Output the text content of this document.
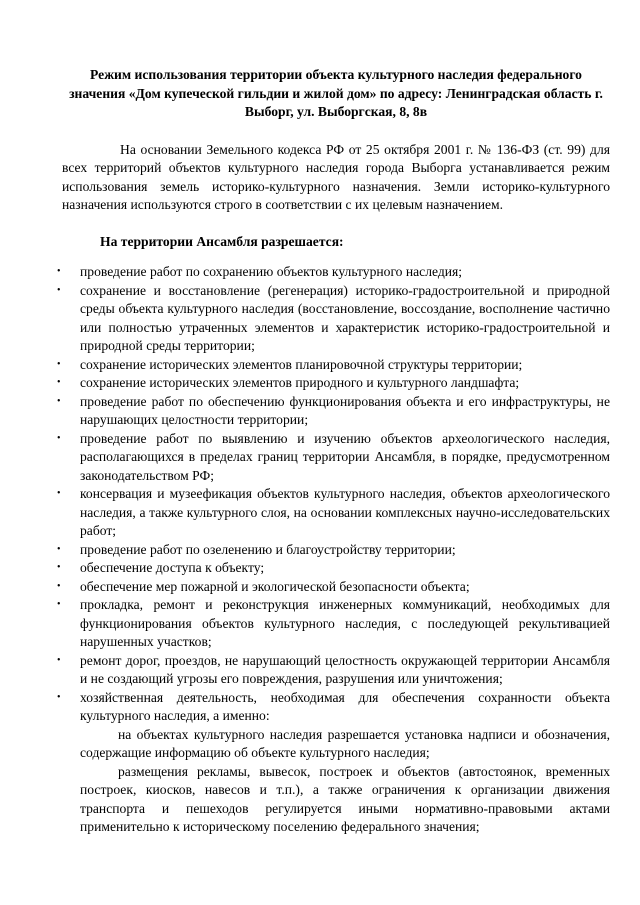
Режим использования территории объекта культурного наследия федерального значения «Дом купеческой гильдии и жилой дом» по адресу: Ленинградская область г. Выборг, ул. Выборгская, 8, 8в

На основании Земельного кодекса РФ от 25 октября 2001 г. № 136-ФЗ (ст. 99) для всех территорий объектов культурного наследия города Выборга устанавливается режим использования земель историко-культурного назначения. Земли историко-культурного назначения используются строго в соответствии с их целевым назначением.

На территории Ансамбля разрешается:

• проведение работ по сохранению объектов культурного наследия;
• сохранение и восстановление (регенерация) историко-градостроительной и природной среды объекта культурного наследия (восстановление, воссоздание, восполнение частично или полностью утраченных элементов и характеристик историко-градостроительной и природной среды территории;
• сохранение исторических элементов планировочной структуры территории;
• сохранение исторических элементов природного и культурного ландшафта;
• проведение работ по обеспечению функционирования объекта и его инфраструктуры, не нарушающих целостности территории;
• проведение работ по выявлению и изучению объектов археологического наследия, располагающихся в пределах границ территории Ансамбля, в порядке, предусмотренном законодательством РФ;
• консервация и музеефикация объектов культурного наследия, объектов археологического наследия, а также культурного слоя, на основании комплексных научно-исследовательских работ;
• проведение работ по озеленению и благоустройству территории;
• обеспечение доступа к объекту;
• обеспечение мер пожарной и экологической безопасности объекта;
• прокладка, ремонт и реконструкция инженерных коммуникаций, необходимых для функционирования объектов культурного наследия, с последующей рекультивацией нарушенных участков;
• ремонт дорог, проездов, не нарушающий целостность окружающей территории Ансамбля и не создающий угрозы его повреждения, разрушения или уничтожения;
• хозяйственная деятельность, необходимая для обеспечения сохранности объекта культурного наследия, а именно:

на объектах культурного наследия разрешается установка надписи и обозначения, содержащие информацию об объекте культурного наследия;

размещения рекламы, вывесок, построек и объектов (автостоянок, временных построек, киосков, навесов и т.п.), а также ограничения к организации движения транспорта и пешеходов регулируется иными нормативно-правовыми актами применительно к историческому поселению федерального значения;
